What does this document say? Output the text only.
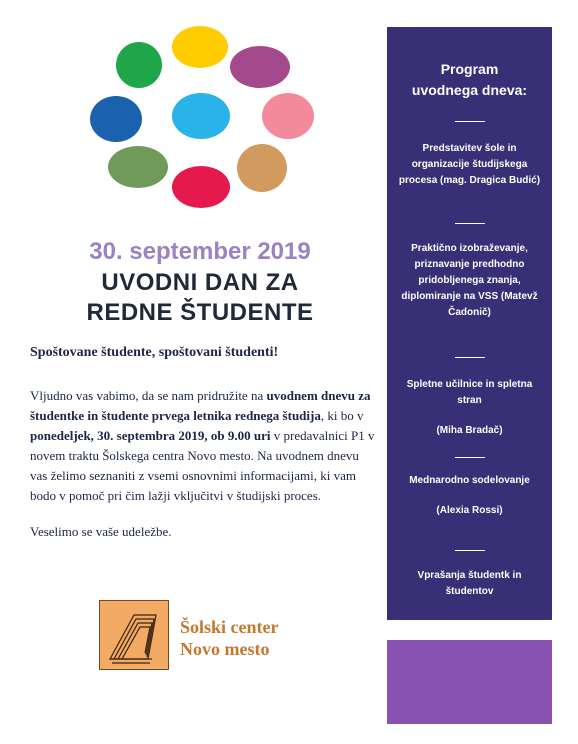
30. september 2019
UVODNI DAN ZA
REDNE ŠTUDENTE
Spoštovane študente, spoštovani študenti!
Vljudno vas vabimo, da se nam pridružite na uvodnem dnevu za študentke in študente prvega letnika rednega študija, ki bo v ponedeljek, 30. septembra 2019, ob 9.00 uri v predavalnici P1 v novem traktu Šolskega centra Novo mesto. Na uvodnem dnevu vas želimo seznaniti z vsemi osnovnimi informacijami, ki vam bodo v pomoč pri čim lažji vključitvi v študijski proces.
Veselimo se vaše udeležbe.
Šolski center
Novo mesto
Program
uvodnega dneva:
Predstavitev šole in organizacije študijskega procesa (mag. Dragica Budić)
Praktično izobraževanje, priznavanje predhodno pridobljenega znanja, diplomiranje na VSS (Matevž Čadonič)
Spletne učilnice in spletna stran
(Miha Bradač)
Mednarodno sodelovanje
(Alexia Rossi)
Vprašanja študentk in študentov
